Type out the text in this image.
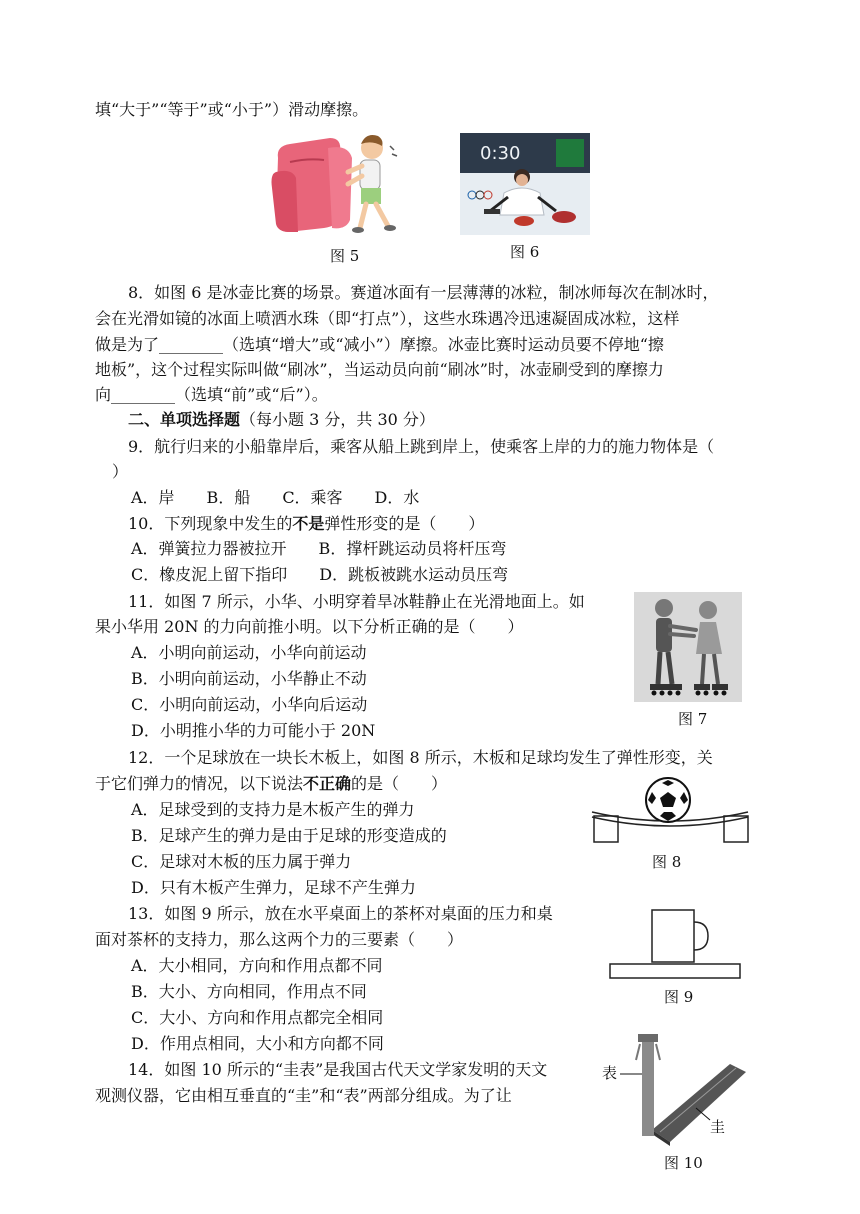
填“大于”“等于”或“小于”）滑动摩擦。
图 5
0:30
图 6
8．如图 6 是冰壶比赛的场景。赛道冰面有一层薄薄的冰粒，制冰师每次在制冰时，
会在光滑如镜的冰面上喷洒水珠（即“打点”），这些水珠遇冷迅速凝固成冰粒，这样
做是为了________（选填“增大”或“减小”）摩擦。冰壶比赛时运动员要不停地“擦
地板”，这个过程实际叫做“刷冰”，当运动员向前“刷冰”时，冰壶刷受到的摩擦力
向________（选填“前”或“后”）。
二、单项选择题（每小题 3 分，共 30 分）
9．航行归来的小船靠岸后，乘客从船上跳到岸上，使乘客上岸的力的施力物体是（
）
A．岸　　B．船　　C．乘客　　D．水
10．下列现象中发生的不是弹性形变的是（　　）
A．弹簧拉力器被拉开　　B．撑杆跳运动员将杆压弯
C．橡皮泥上留下指印　　D．跳板被跳水运动员压弯
11．如图 7 所示，小华、小明穿着旱冰鞋静止在光滑地面上。如
果小华用 20N 的力向前推小明。以下分析正确的是（　　）
A．小明向前运动，小华向前运动
B．小明向前运动，小华静止不动
C．小明向前运动，小华向后运动
D．小明推小华的力可能小于 20N
图 7
12．一个足球放在一块长木板上，如图 8 所示，木板和足球均发生了弹性形变，关
于它们弹力的情况，以下说法不正确的是（　　）
A．足球受到的支持力是木板产生的弹力
B．足球产生的弹力是由于足球的形变造成的
C．足球对木板的压力属于弹力
D．只有木板产生弹力，足球不产生弹力
图 8
13．如图 9 所示，放在水平桌面上的茶杯对桌面的压力和桌
面对茶杯的支持力，那么这两个力的三要素（　　）
A．大小相同，方向和作用点都不同
B．大小、方向相同，作用点不同
C．大小、方向和作用点都完全相同
D．作用点相同，大小和方向都不同
图 9
14．如图 10 所示的“圭表”是我国古代天文学家发明的天文
观测仪器，它由相互垂直的“圭”和“表”两部分组成。为了让
表
圭
图 10
